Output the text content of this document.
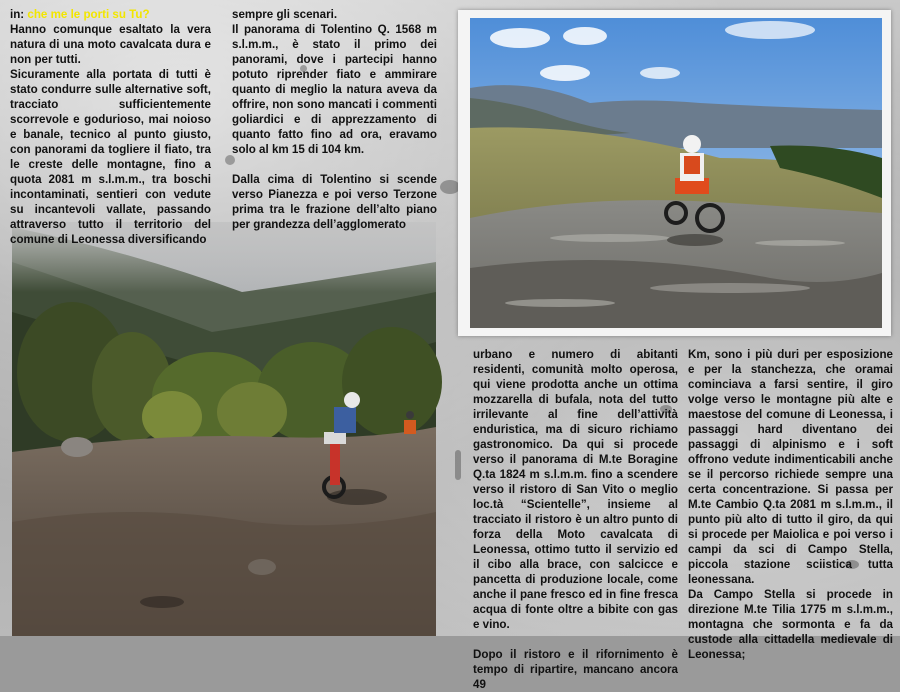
in: che me le porti su Tu?

Hanno comunque esaltato la vera natura di una moto cavalcata dura e non per tutti.

Sicuramente alla portata di tutti è stato condurre sulle alternative soft, tracciato sufficientemente scorrevole e godurioso, mai noioso e banale, tecnico al punto giusto, con panorami da togliere il fiato, tra le creste delle montagne, fino a quota 2081 m s.l.m.m., tra boschi incontaminati, sentieri con vedute su incantevoli vallate, passando attraverso tutto il territorio del comune di Leonessa diversificando

sempre gli scenari.

Il panorama di Tolentino Q. 1568 m s.l.m.m., è stato il primo dei panorami, dove i partecipi hanno potuto riprender fiato e ammirare quanto di meglio la natura aveva da offrire, non sono mancati i commenti goliardici e di apprezzamento di quanto fatto fino ad ora, eravamo solo al km 15 di 104 km.

Dalla cima di Tolentino si scende verso Pianezza e poi verso Terzone prima tra le frazione dell’alto piano per grandezza dell’agglomerato

urbano e numero di abitanti residenti, comunità molto operosa, qui viene prodotta anche un ottima mozzarella di bufala, nota del tutto irrilevante al fine dell’attività enduristica, ma di sicuro richiamo gastronomico. Da qui si procede verso il panorama di M.te Boragine Q.ta 1824 m s.l.m.m. fino a scendere verso il ristoro di San Vito o meglio loc.tà “Scientelle”, insieme al tracciato il ristoro è un altro punto di forza della Moto cavalcata di Leonessa, ottimo tutto il servizio ed il cibo alla brace, con salcicce e pancetta di produzione locale, come anche il pane fresco ed in fine fresca acqua di fonte oltre a bibite con gas e vino.

Dopo il ristoro e il rifornimento è tempo di ripartire, mancano ancora 49

Km, sono i più duri per esposizione e per la stanchezza, che oramai cominciava a farsi sentire, il giro volge verso le montagne più alte e maestose del comune di Leonessa, i passaggi hard diventano dei passaggi di alpinismo e i soft offrono vedute indimenticabili anche se il percorso richiede sempre una certa concentrazione. Si passa per M.te Cambio Q.ta 2081 m s.l.m.m., il punto più alto di tutto il giro, da qui si procede per Maiolica e poi verso i campi da sci di Campo Stella, piccola stazione sciistica tutta leonessana.

Da Campo Stella si procede in direzione M.te Tilia 1775 m s.l.m.m., montagna che sormonta e fa da custode alla cittadella medievale di Leonessa;
